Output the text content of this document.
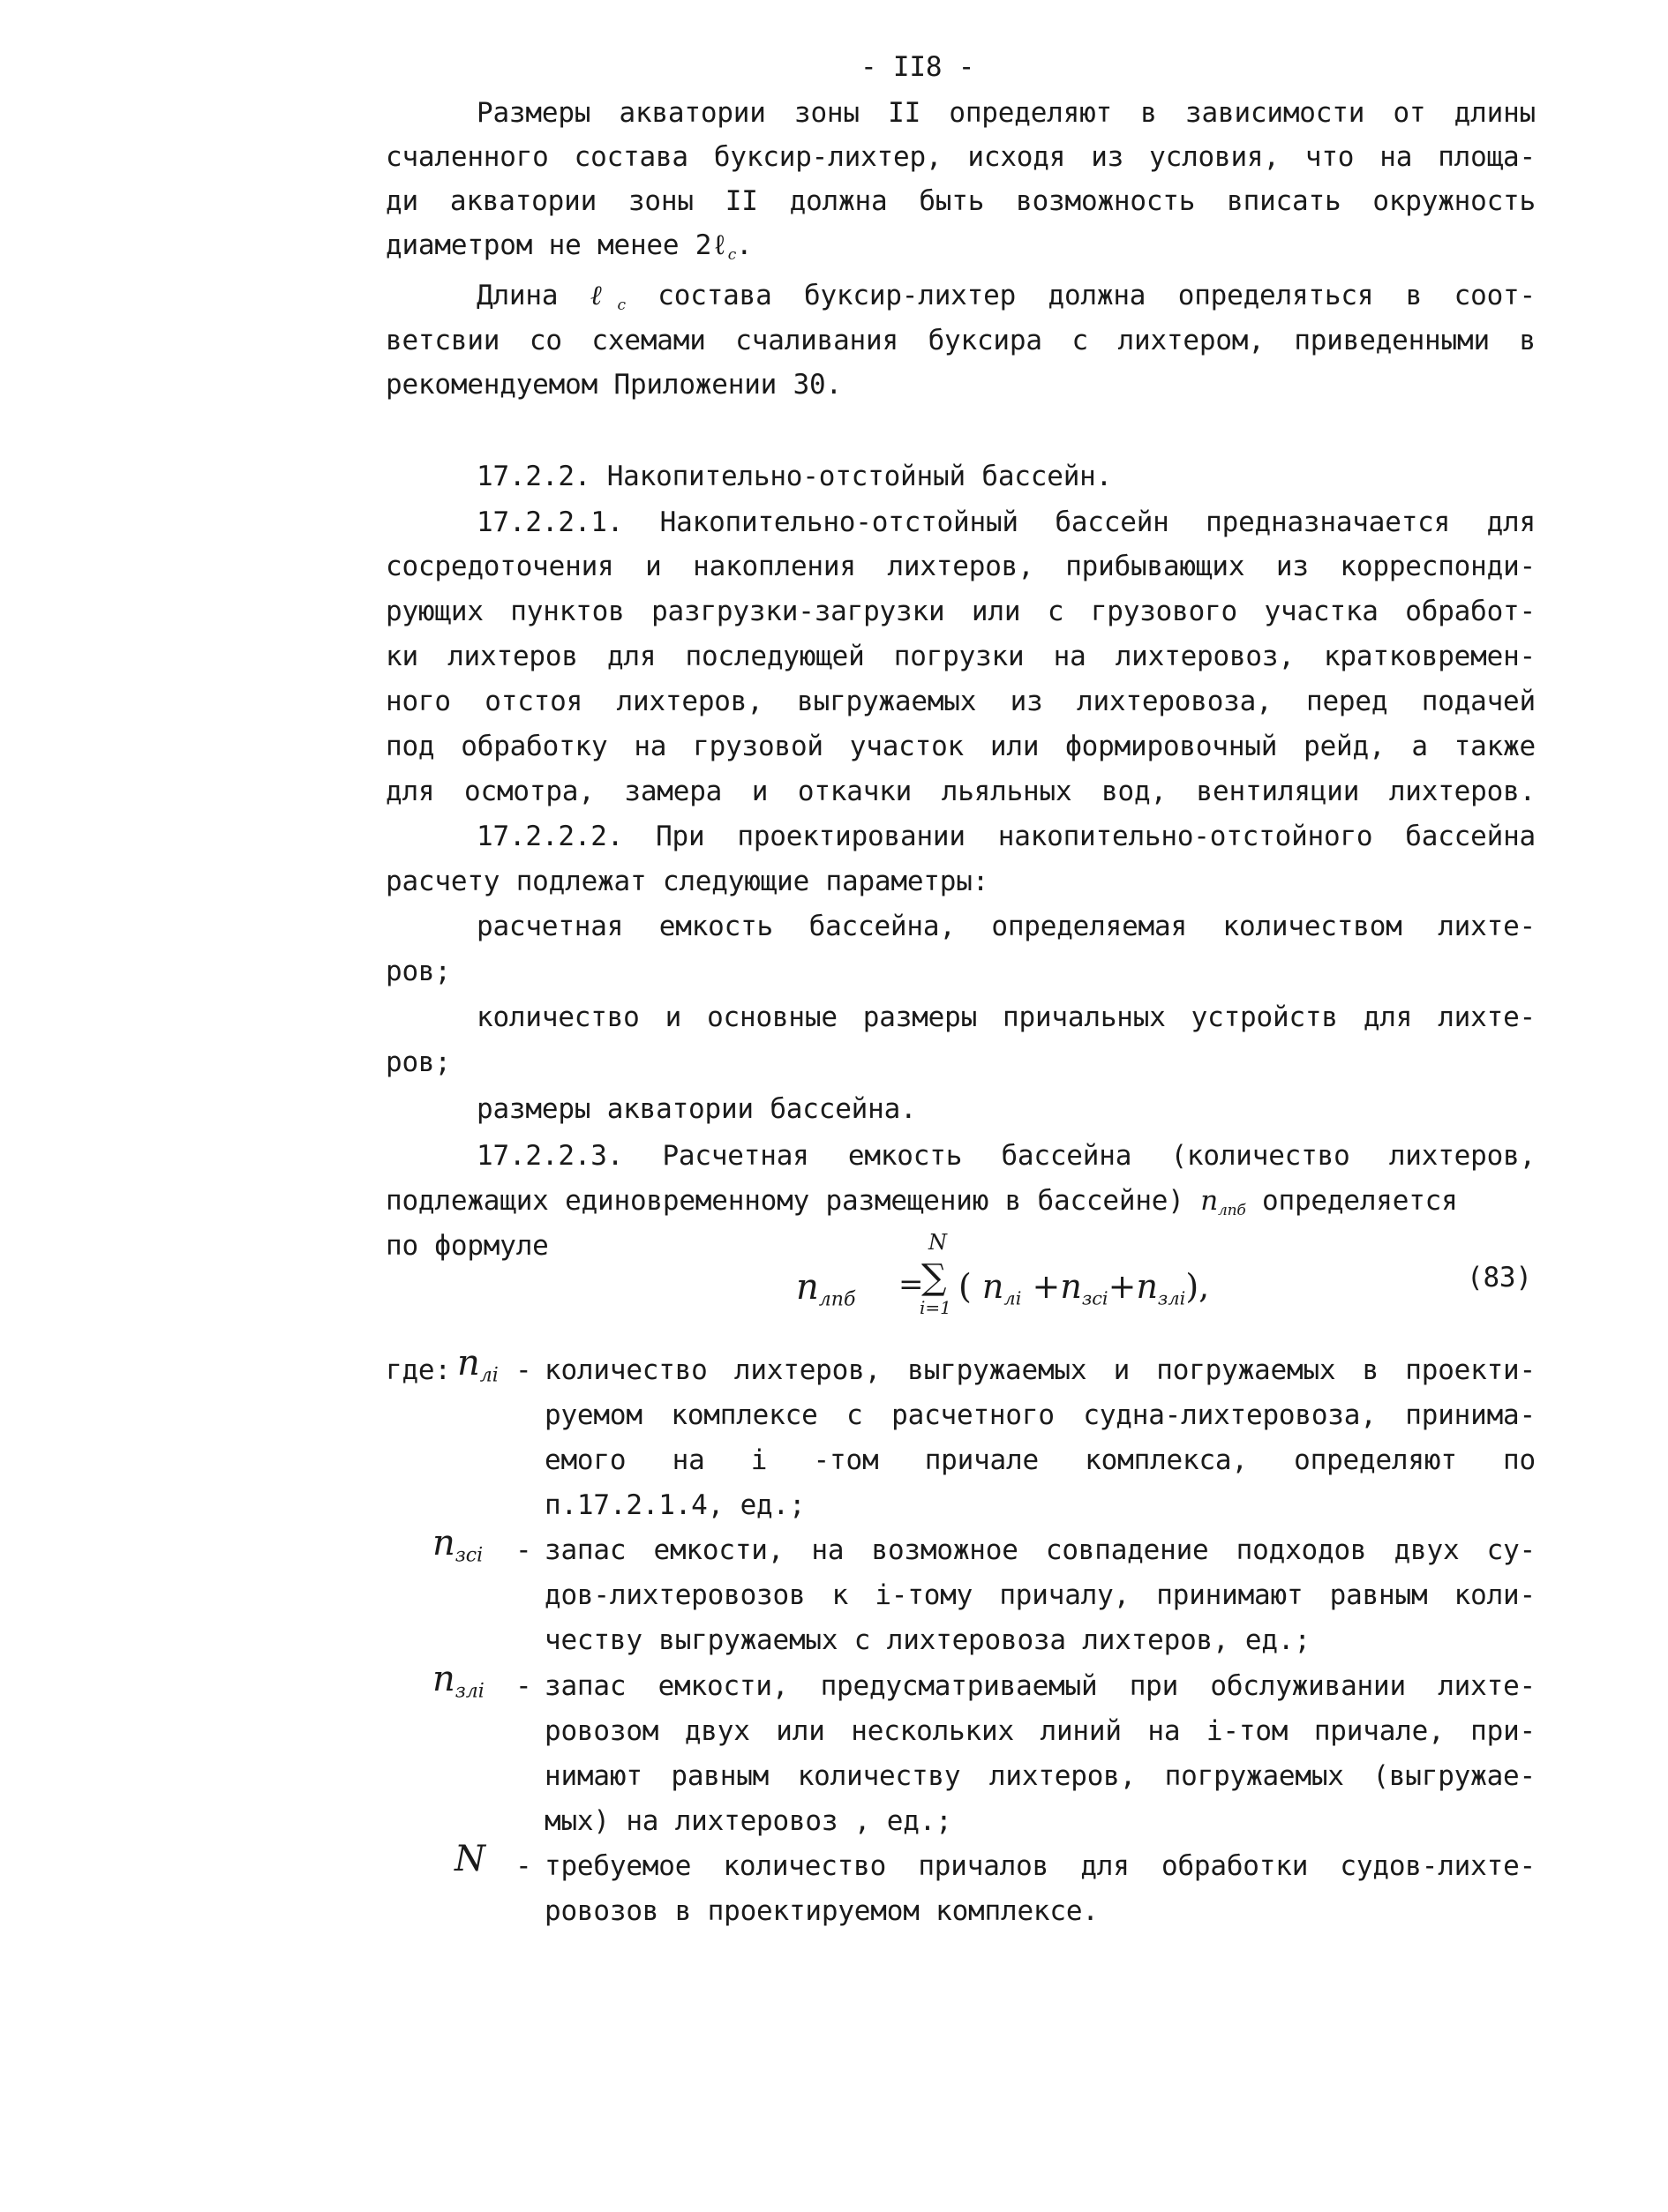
- II8 -
Размеры акватории зоны II определяют в зависимости от длины
счаленного состава буксир-лихтер, исходя из условия, что на площа-
ди акватории зоны II должна быть возможность вписать окружность
диаметром не менее 2ℓ$_c$.
Длина ℓ$_c$ состава буксир-лихтер должна определяться в соот-
ветсвии со схемами счаливания буксира с лихтером, приведенными в
рекомендуемом Приложении 30.
17.2.2. Накопительно-отстойный бассейн.
17.2.2.1. Накопительно-отстойный бассейн предназначается для
сосредоточения и накопления лихтеров, прибывающих из корреспонди-
рующих пунктов разгрузки-загрузки или с грузового участка обработ-
ки лихтеров для последующей погрузки на лихтеровоз, кратковремен-
ного отстоя лихтеров, выгружаемых из лихтеровоза, перед подачей
под обработку на грузовой участок или формировочный рейд, а также
для осмотра, замера и откачки льяльных вод, вентиляции лихтеров.
17.2.2.2. При проектировании накопительно-отстойного бассейна
расчету подлежат следующие параметры:
расчетная емкость бассейна, определяемая количеством лихте-
ров;
количество и основные размеры причальных устройств для лихте-
ров;
размеры акватории бассейна.
17.2.2.3. Расчетная емкость бассейна (количество лихтеров,
подлежащих единовременному размещению в бассейне) $n_{лпб}$ определяется
по формуле
$n_{лпб}$ =
N
∑
i=1
( $n_{лi} +n_{зсi}+n_{злi}$),	(83)
где: $n_{лi}$ - количество лихтеров, выгружаемых и погружаемых в проекти-
руемом комплексе с расчетного судна-лихтеровоза, принима-
емого на i -том причале комплекса, определяют по
п.17.2.1.4, ед.;
$n_{зсi}$ - запас емкости, на возможное совпадение подходов двух су-
дов-лихтеровозов к i-тому причалу, принимают равным коли-
честву выгружаемых с лихтеровоза лихтеров, ед.;
$n_{злi}$ - запас емкости, предусматриваемый при обслуживании лихте-
ровозом двух или нескольких линий на i-том причале, при-
нимают равным количеству лихтеров, погружаемых (выгружае-
мых) на лихтеровоз , ед.;
N - требуемое количество причалов для обработки судов-лихте-
ровозов в проектируемом комплексе.
